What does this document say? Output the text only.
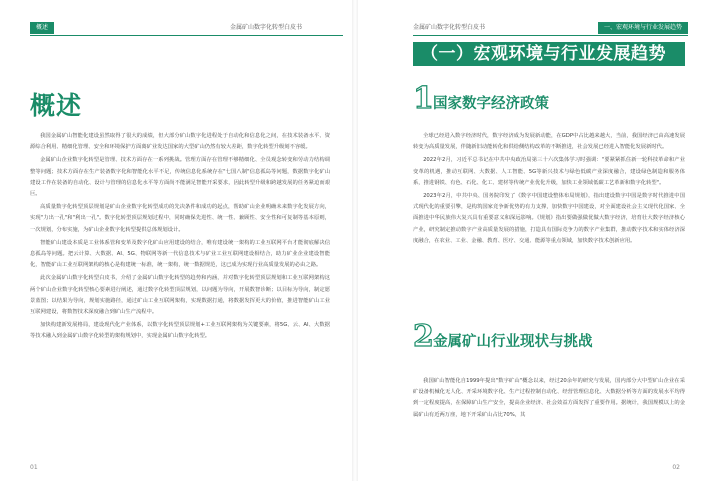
概述	金属矿山数字化转型白皮书
概述

我国金属矿山智能化建设虽然取得了很大的成绩，但大部分矿山数字化进程处于自动化和信息化之间，在技术装备水平、资源综合利用、精细化管理、安全和环境保护方面离矿业发达国家的大型矿山仍然有较大差距，数字化转型升级刻不容缓。

金属矿山企业数字化转型是管理、技术方面存在一系列挑战。管理方面存在管理不够精细化、全员观念转变和劳动力结构调整等问题；技术方面存在生产装备数字化和智能化水平不足，传统信息化系统存在"七国八制"信息孤岛等问题，数据数字化矿山建设工作在装备的自动化、设计与管理的信息化水平等方面尚不能满足智能开采要求，因此转型升级和跨越发展的任务紧迫而艰巨。

高质量数字化转型顶层规划是矿山企业数字化转型成功的先决条件和成功的起点，帮助矿山企业明确未来数字化发展方向，实现"力出一孔"和"利出一孔"。数字化转型顶层规划过程中，同时确保先进性、统一性、兼顾性、安全性和可复制等基本原则，一次规划，分布实施，为矿山企业数字化转型提供总体规划设计。

智能矿山建设本质是工业体系管和变革及数字化矿山应用建设的结合，唯有建设统一架构的工业互联网平台才能彻底解决信息孤岛等问题。把云计算、大数据、AI、5G、物联网等新一代信息技术与矿业工业互联网建设相结合，助力矿业企业建设智能化，智能矿山工业互联网架构的核心是构建统一标准，统一架构，统一数据规范，这已成为实现行业高质量发展的必由之路。

此次金属矿山数字化转型白皮书，介绍了金属矿山数字化转型的趋势和内涵，并对数字化转型顶层规划和工业互联网架构这两个矿山企业数字化转型核心要素进行阐述，通过数字化转型顶层规划，以问题为导向，开展数智诊断；以目标为导向，制定愿景蓝图；以结果为导向，规划实施路径，通过矿山工业互联网架构，实现数据打通，将数据发挥更大的价值，推进智能矿山工业互联网建设，将数智技术深度融合到矿山生产流程中。

加快构建新发展格局，建设现代化产业体系，以数字化转型顶层规划+工业互联网架构为关键要素，将5G、云、AI、大数据等技术融入到金属矿山数字化转型的架构规划中，实现金属矿山数字化转型。

01
金属矿山数字化转型白皮书	一、宏观环境与行业发展趋势
（一）宏观环境与行业发展趋势
1 国家数字经济政策

全球已经进入数字经济时代，数字经济成为发展新动能，在GDP中占比越来越大，当前，我国经济已由高速发展转变为高质量发展，伴随新旧动能转化和供给侧结构改革的不断推进，社会发展已经进入智能化发展新时代。

2022年2月，习近平总书记在中共中央政治局第三十六次集体学习时强调："要紧紧抓住新一轮科技革命和产业变革的机遇，推动互联网、大数据、人工智能、5G等新兴技术与绿色低碳产业深度融合，建设绿色制造和服务体系，推进钢铁、有色、石化、化工、建材等传统产业优化升级，加快工业领域低碳工艺革新和数字化转型"。

2023年2月，中共中央、国务院印发了《数字中国建设整体布局规划》，指出建设数字中国是数字时代推进中国式现代化的重要引擎，是构筑国家竞争新优势的有力支撑，加快数字中国建设，对全面建设社会主义现代化国家、全面推进中华民族伟大复兴具有重要意义和深远影响。《规划》指出要做强做优做大数字经济，培育壮大数字经济核心产业，研究制定推动数字产业高质量发展的措施，打造具有国际竞争力的数字产业集群，推动数字技术和实体经济深度融合，在农业、工业、金融、教育、医疗、交通、能源等重点领域，加快数字技术创新应用。

2 金属矿山行业现状与挑战

我国矿山智能化自1999年提出"数字矿山"概念以来，经过20余年的研究与发展，国内部分大中型矿山企业在采矿设备机械化无人化、开采环境数字化、生产过程控制自动化、经营管理信息化、大数据分析等方面的发展水平均得到一定程度提高，在保障矿山生产安全，提高企业经济、社会效益方面发挥了重要作用。据统计，我国规模以上的金属矿山有近两万座，地下开采矿山占比70%，其

02
